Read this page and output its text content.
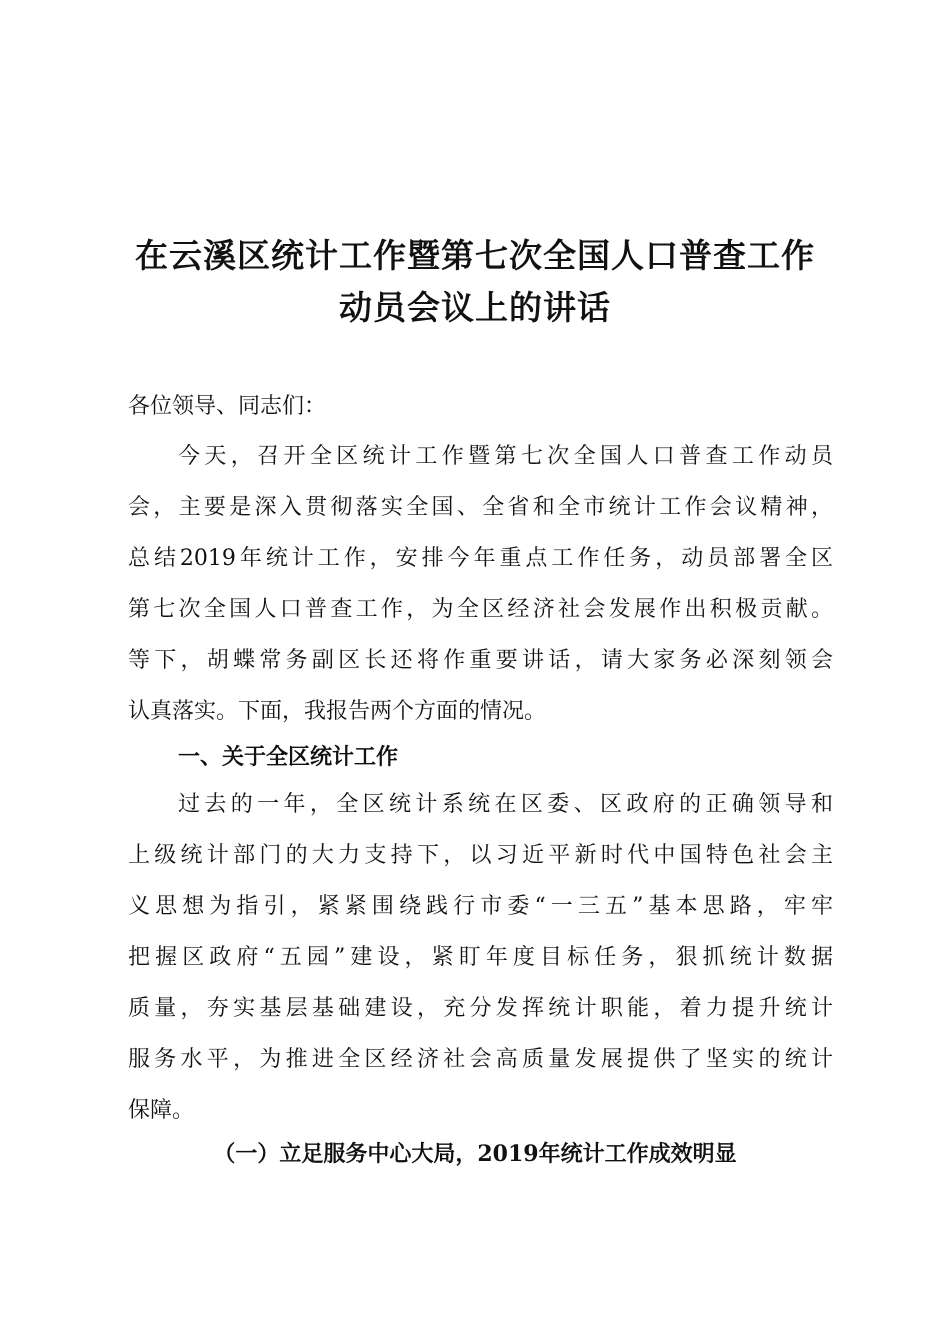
在云溪区统计工作暨第七次全国人口普查工作
动员会议上的讲话
各位领导、同志们：
今天，召开全区统计工作暨第七次全国人口普查工作动员
会，主要是深入贯彻落实全国、全省和全市统计工作会议精神，
总结2019年统计工作，安排今年重点工作任务，动员部署全区
第七次全国人口普查工作，为全区经济社会发展作出积极贡献。
等下，胡蝶常务副区长还将作重要讲话，请大家务必深刻领会
认真落实。下面，我报告两个方面的情况。
一、关于全区统计工作
过去的一年，全区统计系统在区委、区政府的正确领导和
上级统计部门的大力支持下，以习近平新时代中国特色社会主
义思想为指引，紧紧围绕践行市委“一三五”基本思路，牢牢
把握区政府“五园”建设，紧盯年度目标任务，狠抓统计数据
质量，夯实基层基础建设，充分发挥统计职能，着力提升统计
服务水平，为推进全区经济社会高质量发展提供了坚实的统计
保障。
（一）立足服务中心大局，2019年统计工作成效明显
